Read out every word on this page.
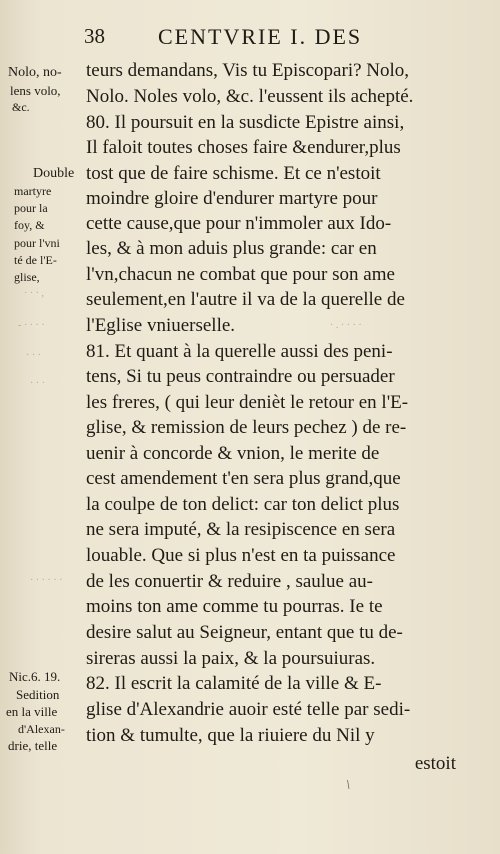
38 CENTVRIE I. DES
teurs demandans, Vis tu Episcopari? Nolo,
Nolo. Noles volo, &c. l'eussent ils achepté.
80. Il poursuit en la susdicte Epistre ainsi,
Il faloit toutes choses faire &endurer,plus
tost que de faire schisme. Et ce n'estoit
moindre gloire d'endurer martyre pour
cette cause,que pour n'immoler aux Ido-
les, & à mon aduis plus grande: car en
l'vn,chacun ne combat que pour son ame
seulement,en l'autre il va de la querelle de
l'Eglise vniuerselle.
81. Et quant à la querelle aussi des peni-
tens, Si tu peus contraindre ou persuader
les freres, ( qui leur denièt le retour en l'E-
glise, & remission de leurs pechez ) de re-
uenir à concorde & vnion, le merite de
cest amendement t'en sera plus grand,que
la coulpe de ton delict: car ton delict plus
ne sera imputé, & la resipiscence en sera
louable. Que si plus n'est en ta puissance
de les conuertir & reduire , saulue au-
moins ton ame comme tu pourras. Ie te
desire salut au Seigneur, entant que tu de-
sireras aussi la paix, & la poursuiuras.
82. Il escrit la calamité de la ville & E-
glise d'Alexandrie auoir esté telle par sedi-
tion & tumulte, que la riuiere du Nil y
estoit
Nolo, no-
lens volo,
&c.
Double
martyre
pour la
foy, &
pour l'vni
té de l'E-
glise,
Nic.6. 19.
Sedition
en la ville
d'Alexan-
drie, telle
\
· · · ,
- · · · ·
· · ·
· · ·
· · · · · ·
· . · · · ·
